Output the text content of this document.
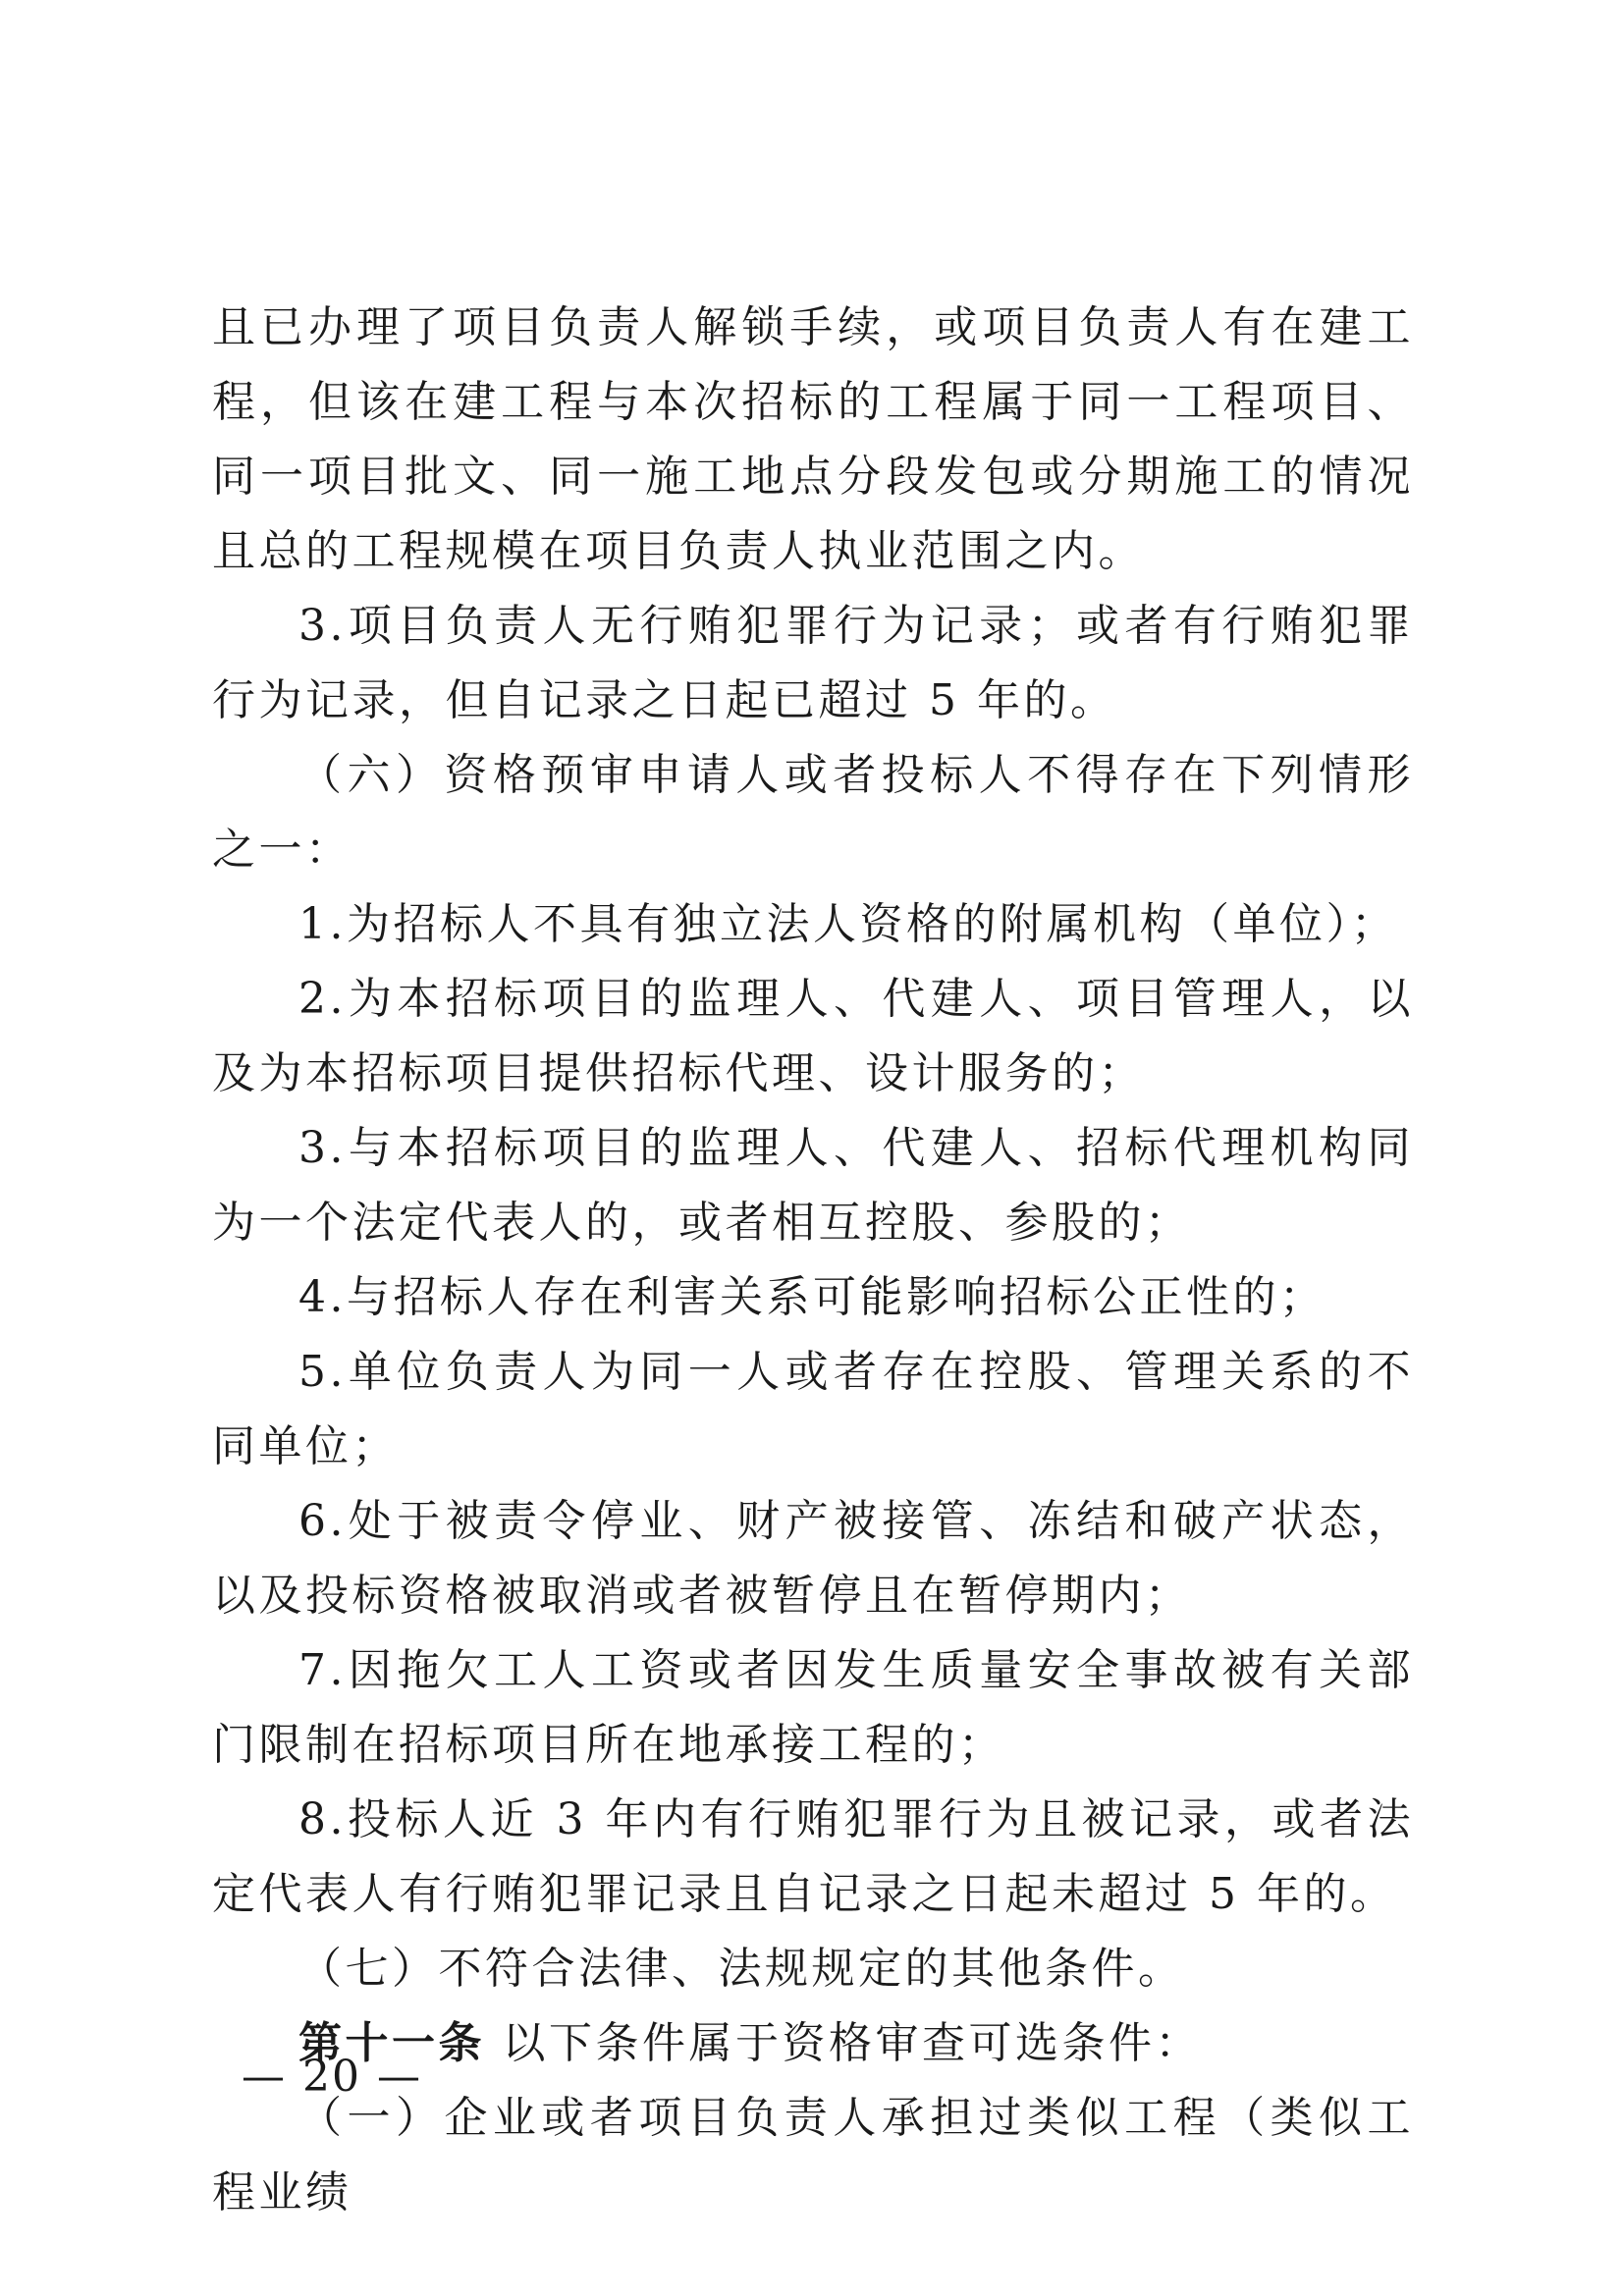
且已办理了项目负责人解锁手续，或项目负责人有在建工程，但该在建工程与本次招标的工程属于同一工程项目、同一项目批文、同一施工地点分段发包或分期施工的情况且总的工程规模在项目负责人执业范围之内。

3.项目负责人无行贿犯罪行为记录；或者有行贿犯罪行为记录，但自记录之日起已超过 5 年的。

（六）资格预审申请人或者投标人不得存在下列情形之一：

1.为招标人不具有独立法人资格的附属机构（单位）；

2.为本招标项目的监理人、代建人、项目管理人，以及为本招标项目提供招标代理、设计服务的；

3.与本招标项目的监理人、代建人、招标代理机构同为一个法定代表人的，或者相互控股、参股的；

4.与招标人存在利害关系可能影响招标公正性的；

5.单位负责人为同一人或者存在控股、管理关系的不同单位；

6.处于被责令停业、财产被接管、冻结和破产状态，以及投标资格被取消或者被暂停且在暂停期内；

7.因拖欠工人工资或者因发生质量安全事故被有关部门限制在招标项目所在地承接工程的；

8.投标人近 3 年内有行贿犯罪行为且被记录，或者法定代表人有行贿犯罪记录且自记录之日起未超过 5 年的。

（七）不符合法律、法规规定的其他条件。

第十一条 以下条件属于资格审查可选条件：

（一）企业或者项目负责人承担过类似工程（类似工程业绩

— 20 —
